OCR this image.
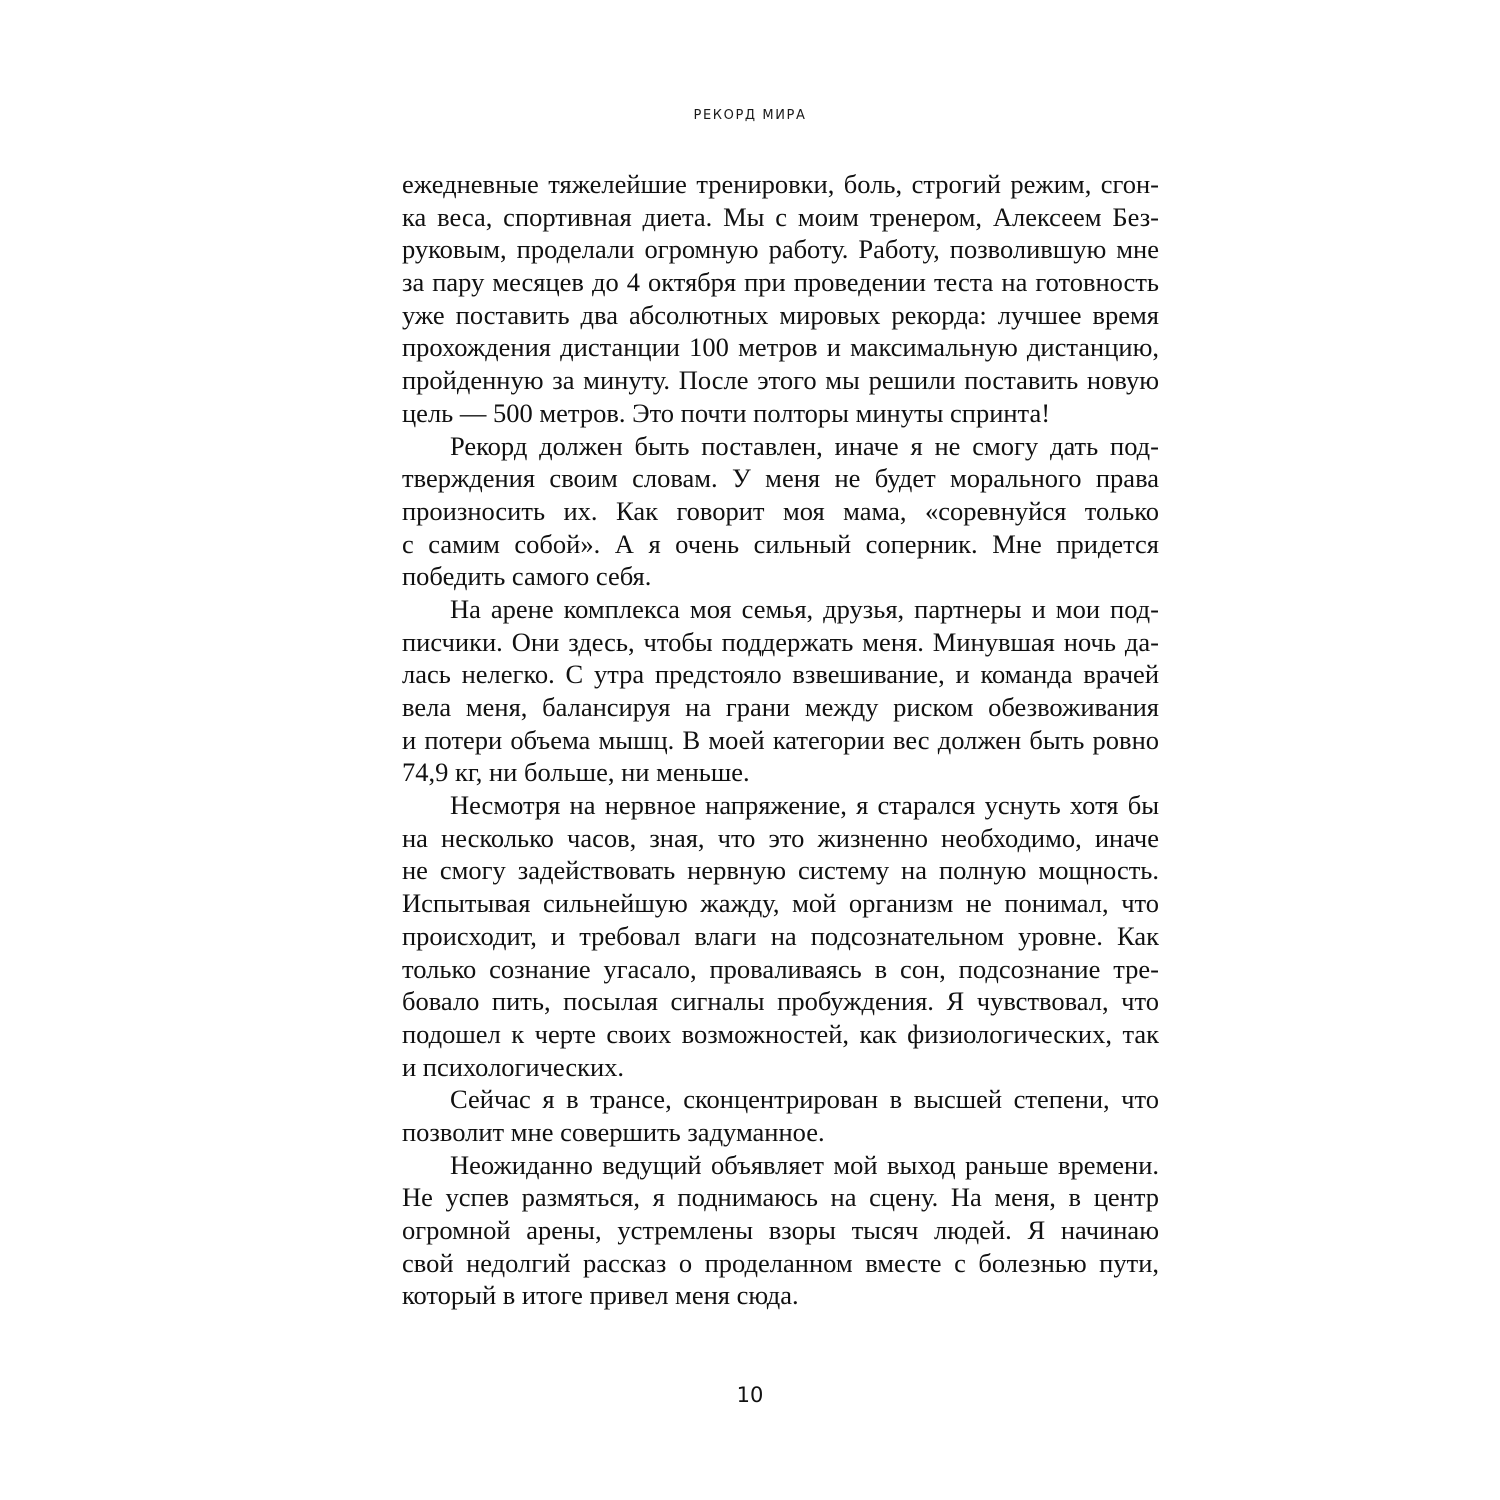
РЕКОРД МИРА
ежедневные тяжелейшие тренировки, боль, строгий режим, сгон-
ка веса, спортивная диета. Мы с моим тренером, Алексеем Без-
руковым, проделали огромную работу. Работу, позволившую мне
за пару месяцев до 4 октября при проведении теста на готовность
уже поставить два абсолютных мировых рекорда: лучшее время
прохождения дистанции 100 метров и максимальную дистанцию,
пройденную за минуту. После этого мы решили поставить новую
цель — 500 метров. Это почти полторы минуты спринта!
Рекорд должен быть поставлен, иначе я не смогу дать под-
тверждения своим словам. У меня не будет морального права
произносить их. Как говорит моя мама, «соревнуйся только
с самим собой». А я очень сильный соперник. Мне придется
победить самого себя.
На арене комплекса моя семья, друзья, партнеры и мои под-
писчики. Они здесь, чтобы поддержать меня. Минувшая ночь да-
лась нелегко. С утра предстояло взвешивание, и команда врачей
вела меня, балансируя на грани между риском обезвоживания
и потери объема мышц. В моей категории вес должен быть ровно
74,9 кг, ни больше, ни меньше.
Несмотря на нервное напряжение, я старался уснуть хотя бы
на несколько часов, зная, что это жизненно необходимо, иначе
не смогу задействовать нервную систему на полную мощность.
Испытывая сильнейшую жажду, мой организм не понимал, что
происходит, и требовал влаги на подсознательном уровне. Как
только сознание угасало, проваливаясь в сон, подсознание тре-
бовало пить, посылая сигналы пробуждения. Я чувствовал, что
подошел к черте своих возможностей, как физиологических, так
и психологических.
Сейчас я в трансе, сконцентрирован в высшей степени, что
позволит мне совершить задуманное.
Неожиданно ведущий объявляет мой выход раньше времени.
Не успев размяться, я поднимаюсь на сцену. На меня, в центр
огромной арены, устремлены взоры тысяч людей. Я начинаю
свой недолгий рассказ о проделанном вместе с болезнью пути,
который в итоге привел меня сюда.
10
